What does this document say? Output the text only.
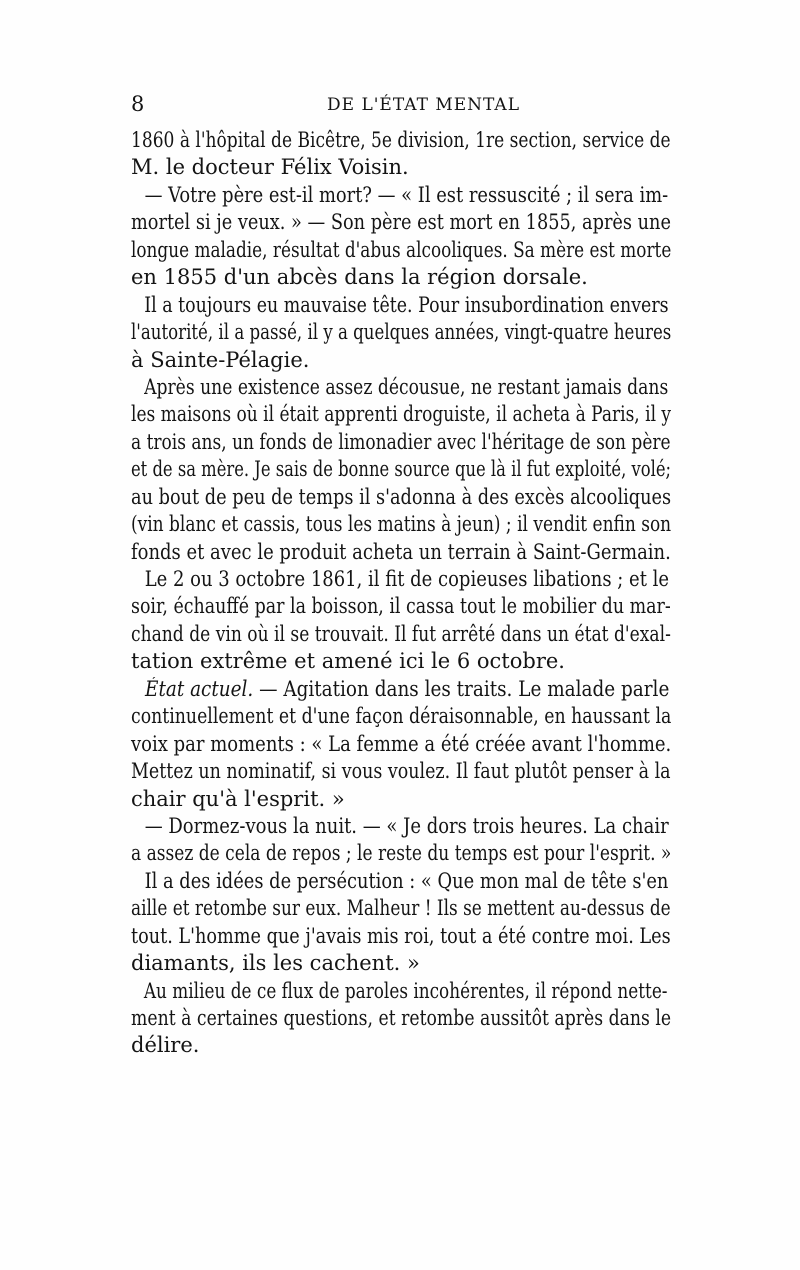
8	DE L'ÉTAT MENTAL
1860 à l'hôpital de Bicêtre, 5e division, 1re section, service de
M. le docteur Félix Voisin.
— Votre père est-il mort? — « Il est ressuscité ; il sera im-
mortel si je veux. » — Son père est mort en 1855, après une
longue maladie, résultat d'abus alcooliques. Sa mère est morte
en 1855 d'un abcès dans la région dorsale.
Il a toujours eu mauvaise tête. Pour insubordination envers
l'autorité, il a passé, il y a quelques années, vingt-quatre heures
à Sainte-Pélagie.
Après une existence assez décousue, ne restant jamais dans
les maisons où il était apprenti droguiste, il acheta à Paris, il y
a trois ans, un fonds de limonadier avec l'héritage de son père
et de sa mère. Je sais de bonne source que là il fut exploité, volé;
au bout de peu de temps il s'adonna à des excès alcooliques
(vin blanc et cassis, tous les matins à jeun) ; il vendit enfin son
fonds et avec le produit acheta un terrain à Saint-Germain.
Le 2 ou 3 octobre 1861, il fit de copieuses libations ; et le
soir, échauffé par la boisson, il cassa tout le mobilier du mar-
chand de vin où il se trouvait. Il fut arrêté dans un état d'exal-
tation extrême et amené ici le 6 octobre.
État actuel. — Agitation dans les traits. Le malade parle
continuellement et d'une façon déraisonnable, en haussant la
voix par moments : « La femme a été créée avant l'homme.
Mettez un nominatif, si vous voulez. Il faut plutôt penser à la
chair qu'à l'esprit. »
— Dormez-vous la nuit. — « Je dors trois heures. La chair
a assez de cela de repos ; le reste du temps est pour l'esprit. »
Il a des idées de persécution : « Que mon mal de tête s'en
aille et retombe sur eux. Malheur ! Ils se mettent au-dessus de
tout. L'homme que j'avais mis roi, tout a été contre moi. Les
diamants, ils les cachent. »
Au milieu de ce flux de paroles incohérentes, il répond nette-
ment à certaines questions, et retombe aussitôt après dans le
délire.
